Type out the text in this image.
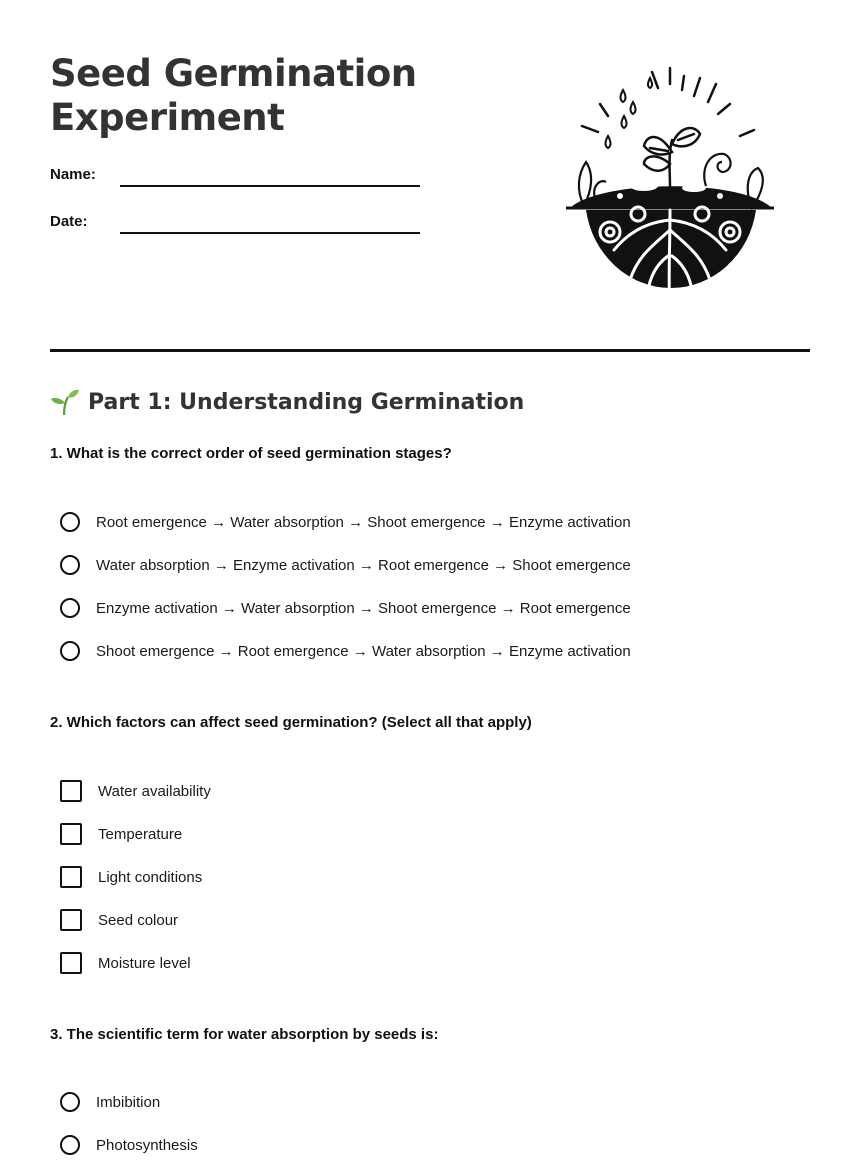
Seed Germination Experiment
Name:
Date:
Part 1: Understanding Germination
1. What is the correct order of seed germination stages?
Root emergence → Water absorption → Shoot emergence → Enzyme activation
Water absorption → Enzyme activation → Root emergence → Shoot emergence
Enzyme activation → Water absorption → Shoot emergence → Root emergence
Shoot emergence → Root emergence → Water absorption → Enzyme activation
2. Which factors can affect seed germination? (Select all that apply)
Water availability
Temperature
Light conditions
Seed colour
Moisture level
3. The scientific term for water absorption by seeds is:
Imbibition
Photosynthesis
